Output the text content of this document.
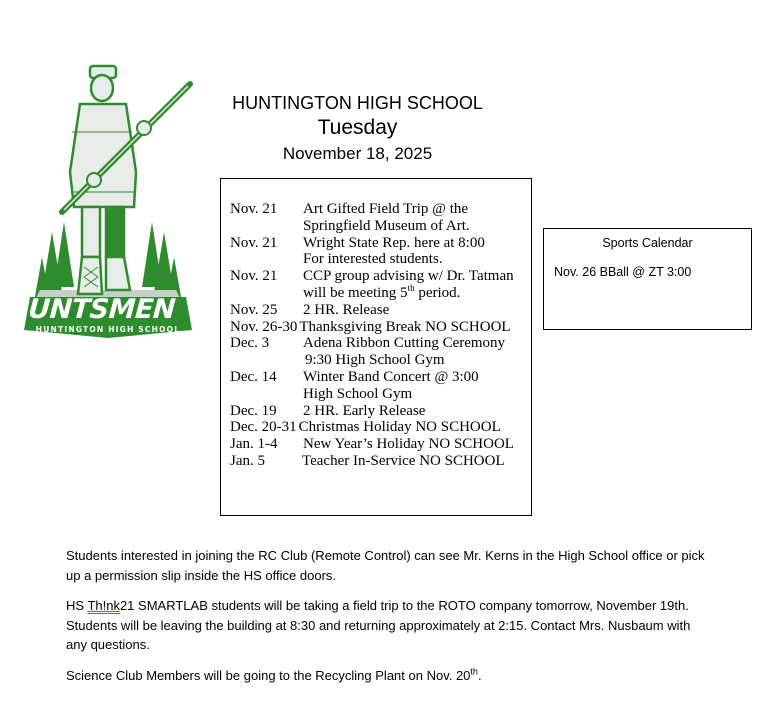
HUNTSMEN
HUNTINGTON HIGH SCHOOL
HUNTINGTON HIGH SCHOOL
Tuesday
November 18, 2025
Nov. 21	Art Gifted Field Trip @ the
Springfield Museum of Art.
Nov. 21	Wright State Rep. here at 8:00
For interested students.
Nov. 21	CCP group advising w/ Dr. Tatman
will be meeting 5th period.
Nov. 25	2 HR. Release
Nov. 26-30 Thanksgiving Break NO SCHOOL
Dec. 3	Adena Ribbon Cutting Ceremony
9:30 High School Gym
Dec. 14	Winter Band Concert @ 3:00
High School Gym
Dec. 19	2 HR. Early Release
Dec. 20-31 Christmas Holiday NO SCHOOL
Jan. 1-4	New Year’s Holiday NO SCHOOL
Jan. 5	Teacher In-Service NO SCHOOL
Sports Calendar
Nov. 26 BBall @ ZT 3:00

Students interested in joining the RC Club (Remote Control) can see Mr. Kerns in the High School office or pick up a permission slip inside the HS office doors.

HS Th!nk21 SMARTLAB students will be taking a field trip to the ROTO company tomorrow, November 19th. Students will be leaving the building at 8:30 and returning approximately at 2:15. Contact Mrs. Nusbaum with any questions.

Science Club Members will be going to the Recycling Plant on Nov. 20th.
